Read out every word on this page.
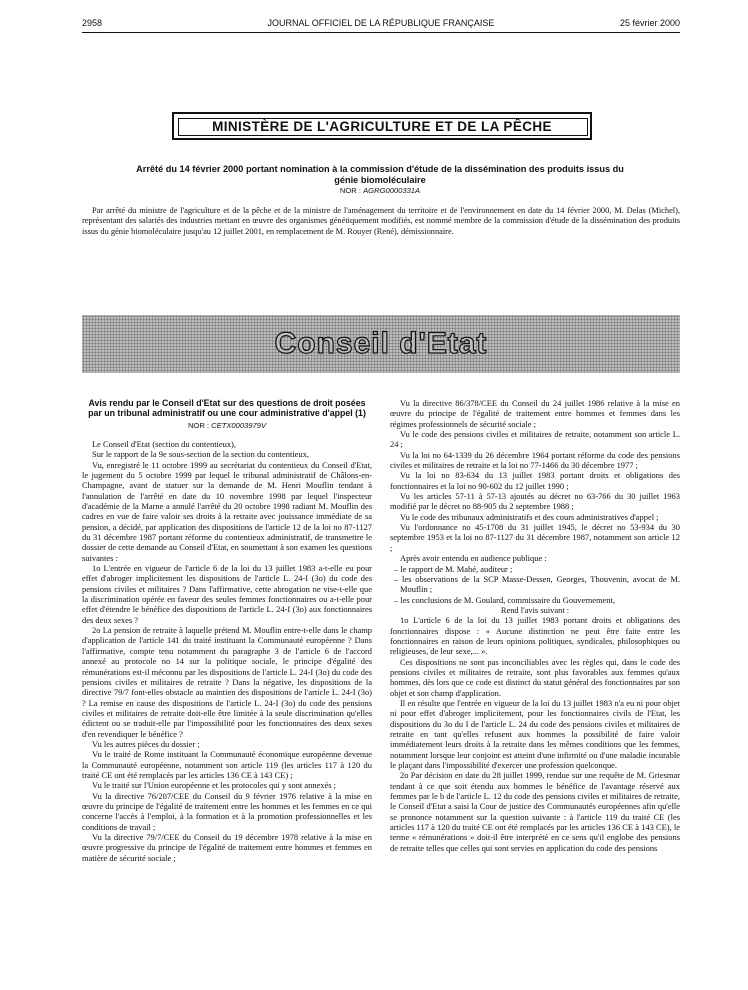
2958	JOURNAL OFFICIEL DE LA RÉPUBLIQUE FRANÇAISE	25 février 2000
MINISTÈRE DE L'AGRICULTURE ET DE LA PÊCHE
Arrêté du 14 février 2000 portant nomination à la commission d'étude de la dissémination des produits issus du génie biomoléculaire
NOR : AGRG0000331A
Par arrêté du ministre de l'agriculture et de la pêche et de la ministre de l'aménagement du territoire et de l'environnement en date du 14 février 2000, M. Delas (Michel), représentant des salariés des industries mettant en œuvre des organismes génétiquement modifiés, est nommé membre de la commission d'étude de la dissémination des produits issus du génie biomoléculaire jusqu'au 12 juillet 2001, en remplacement de M. Rouyer (René), démissionnaire.
Conseil d'Etat
Avis rendu par le Conseil d'Etat sur des questions de droit posées par un tribunal administratif ou une cour administrative d'appel (1)
NOR : CETX0003979V

Le Conseil d'Etat (section du contentieux),

Sur le rapport de la 9e sous-section de la section du contentieux,

Vu, enregistré le 11 octobre 1999 au secrétariat du contentieux du Conseil d'Etat, le jugement du 5 octobre 1999 par lequel le tribunal administratif de Châlons-en-Champagne, avant de statuer sur la demande de M. Henri Mouflin tendant à l'annulation de l'arrêté en date du 10 novembre 1998 par lequel l'inspecteur d'académie de la Marne a annulé l'arrêté du 20 octobre 1998 radiant M. Mouflin des cadres en vue de faire valoir ses droits à la retraite avec jouissance immédiate de sa pension, a décidé, par application des dispositions de l'article 12 de la loi no 87-1127 du 31 décembre 1987 portant réforme du contentieux administratif, de transmettre le dossier de cette demande au Conseil d'Etat, en soumettant à son examen les questions suivantes :

1o L'entrée en vigueur de l'article 6 de la loi du 13 juillet 1983 a-t-elle eu pour effet d'abroger implicitement les dispositions de l'article L. 24-I (3o) du code des pensions civiles et militaires ? Dans l'affirmative, cette abrogation ne vise-t-elle que la discrimination opérée en faveur des seules femmes fonctionnaires ou a-t-elle pour effet d'étendre le bénéfice des dispositions de l'article L. 24-I (3o) aux fonctionnaires des deux sexes ?

2o La pension de retraite à laquelle prétend M. Mouflin entre-t-elle dans le champ d'application de l'article 141 du traité instituant la Communauté européenne ? Dans l'affirmative, compte tenu notamment du paragraphe 3 de l'article 6 de l'accord annexé au protocole no 14 sur la politique sociale, le principe d'égalité des rémunérations est-il méconnu par les dispositions de l'article L. 24-I (3o) du code des pensions civiles et militaires de retraite ? Dans la négative, les dispositions de la directive 79/7 font-elles obstacle au maintien des dispositions de l'article L. 24-I (3o) ? La remise en cause des dispositions de l'article L. 24-I (3o) du code des pensions civiles et militaires de retraite doit-elle être limitée à la seule discrimination qu'elles édictent ou se traduit-elle par l'impossibilité pour les fonctionnaires des deux sexes d'en revendiquer le bénéfice ?

Vu les autres pièces du dossier ;

Vu le traité de Rome instituant la Communauté économique européenne devenue la Communauté européenne, notamment son article 119 (les articles 117 à 120 du traité CE ont été remplacés par les articles 136 CE à 143 CE) ;

Vu le traité sur l'Union européenne et les protocoles qui y sont annexés ;

Vu la directive 76/207/CEE du Conseil du 9 février 1976 relative à la mise en œuvre du principe de l'égalité de traitement entre les hommes et les femmes en ce qui concerne l'accès à l'emploi, à la formation et à la promotion professionnelles et les conditions de travail ;

Vu la directive 79/7/CEE du Conseil du 19 décembre 1978 relative à la mise en œuvre progressive du principe de l'égalité de traitement entre hommes et femmes en matière de sécurité sociale ;

Vu la directive 86/378/CEE du Conseil du 24 juillet 1986 relative à la mise en œuvre du principe de l'égalité de traitement entre hommes et femmes dans les régimes professionnels de sécurité sociale ;

Vu le code des pensions civiles et militaires de retraite, notamment son article L. 24 ;

Vu la loi no 64-1339 du 26 décembre 1964 portant réforme du code des pensions civiles et militaires de retraite et la loi no 77-1466 du 30 décembre 1977 ;

Vu la loi no 83-634 du 13 juillet 1983 portant droits et obligations des fonctionnaires et la loi no 90-602 du 12 juillet 1990 ;

Vu les articles 57-11 à 57-13 ajoutés au décret no 63-766 du 30 juillet 1963 modifié par le décret no 88-905 du 2 septembre 1988 ;

Vu le code des tribunaux administratifs et des cours administratives d'appel ;

Vu l'ordonnance no 45-1708 du 31 juillet 1945, le décret no 53-934 du 30 septembre 1953 et la loi no 87-1127 du 31 décembre 1987, notamment son article 12 ;

Après avoir entendu en audience publique :

– le rapport de M. Mahé, auditeur ;

– les observations de la SCP Masse-Dessen, Georges, Thouvenin, avocat de M. Mouflin ;

– les conclusions de M. Goulard, commissaire du Gouvernement,

Rend l'avis suivant :

1o L'article 6 de la loi du 13 juillet 1983 portant droits et obligations des fonctionnaires dispose : « Aucune distinction ne peut être faite entre les fonctionnaires en raison de leurs opinions politiques, syndicales, philosophiques ou religieuses, de leur sexe,... ».

Ces dispositions ne sont pas inconciliables avec les règles qui, dans le code des pensions civiles et militaires de retraite, sont plus favorables aux femmes qu'aux hommes, dès lors que ce code est distinct du statut général des fonctionnaires par son objet et son champ d'application.

Il en résulte que l'entrée en vigueur de la loi du 13 juillet 1983 n'a eu ni pour objet ni pour effet d'abroger implicitement, pour les fonctionnaires civils de l'Etat, les dispositions du 3o du I de l'article L. 24 du code des pensions civiles et militaires de retraite en tant qu'elles refusent aux hommes la possibilité de faire valoir immédiatement leurs droits à la retraite dans les mêmes conditions que les femmes, notamment lorsque leur conjoint est atteint d'une infirmité ou d'une maladie incurable le plaçant dans l'impossibilité d'exercer une profession quelconque.

2o Par décision en date du 28 juillet 1999, rendue sur une requête de M. Griesmar tendant à ce que soit étendu aux hommes le bénéfice de l'avantage réservé aux femmes par le b de l'article L. 12 du code des pensions civiles et militaires de retraite, le Conseil d'Etat a saisi la Cour de justice des Communautés européennes afin qu'elle se prononce notamment sur la question suivante : à l'article 119 du traité CE (les articles 117 à 120 du traité CE ont été remplacés par les articles 136 CE à 143 CE), le terme « rémunérations » doit-il être interprété en ce sens qu'il englobe des pensions de retraite telles que celles qui sont servies en application du code des pensions
